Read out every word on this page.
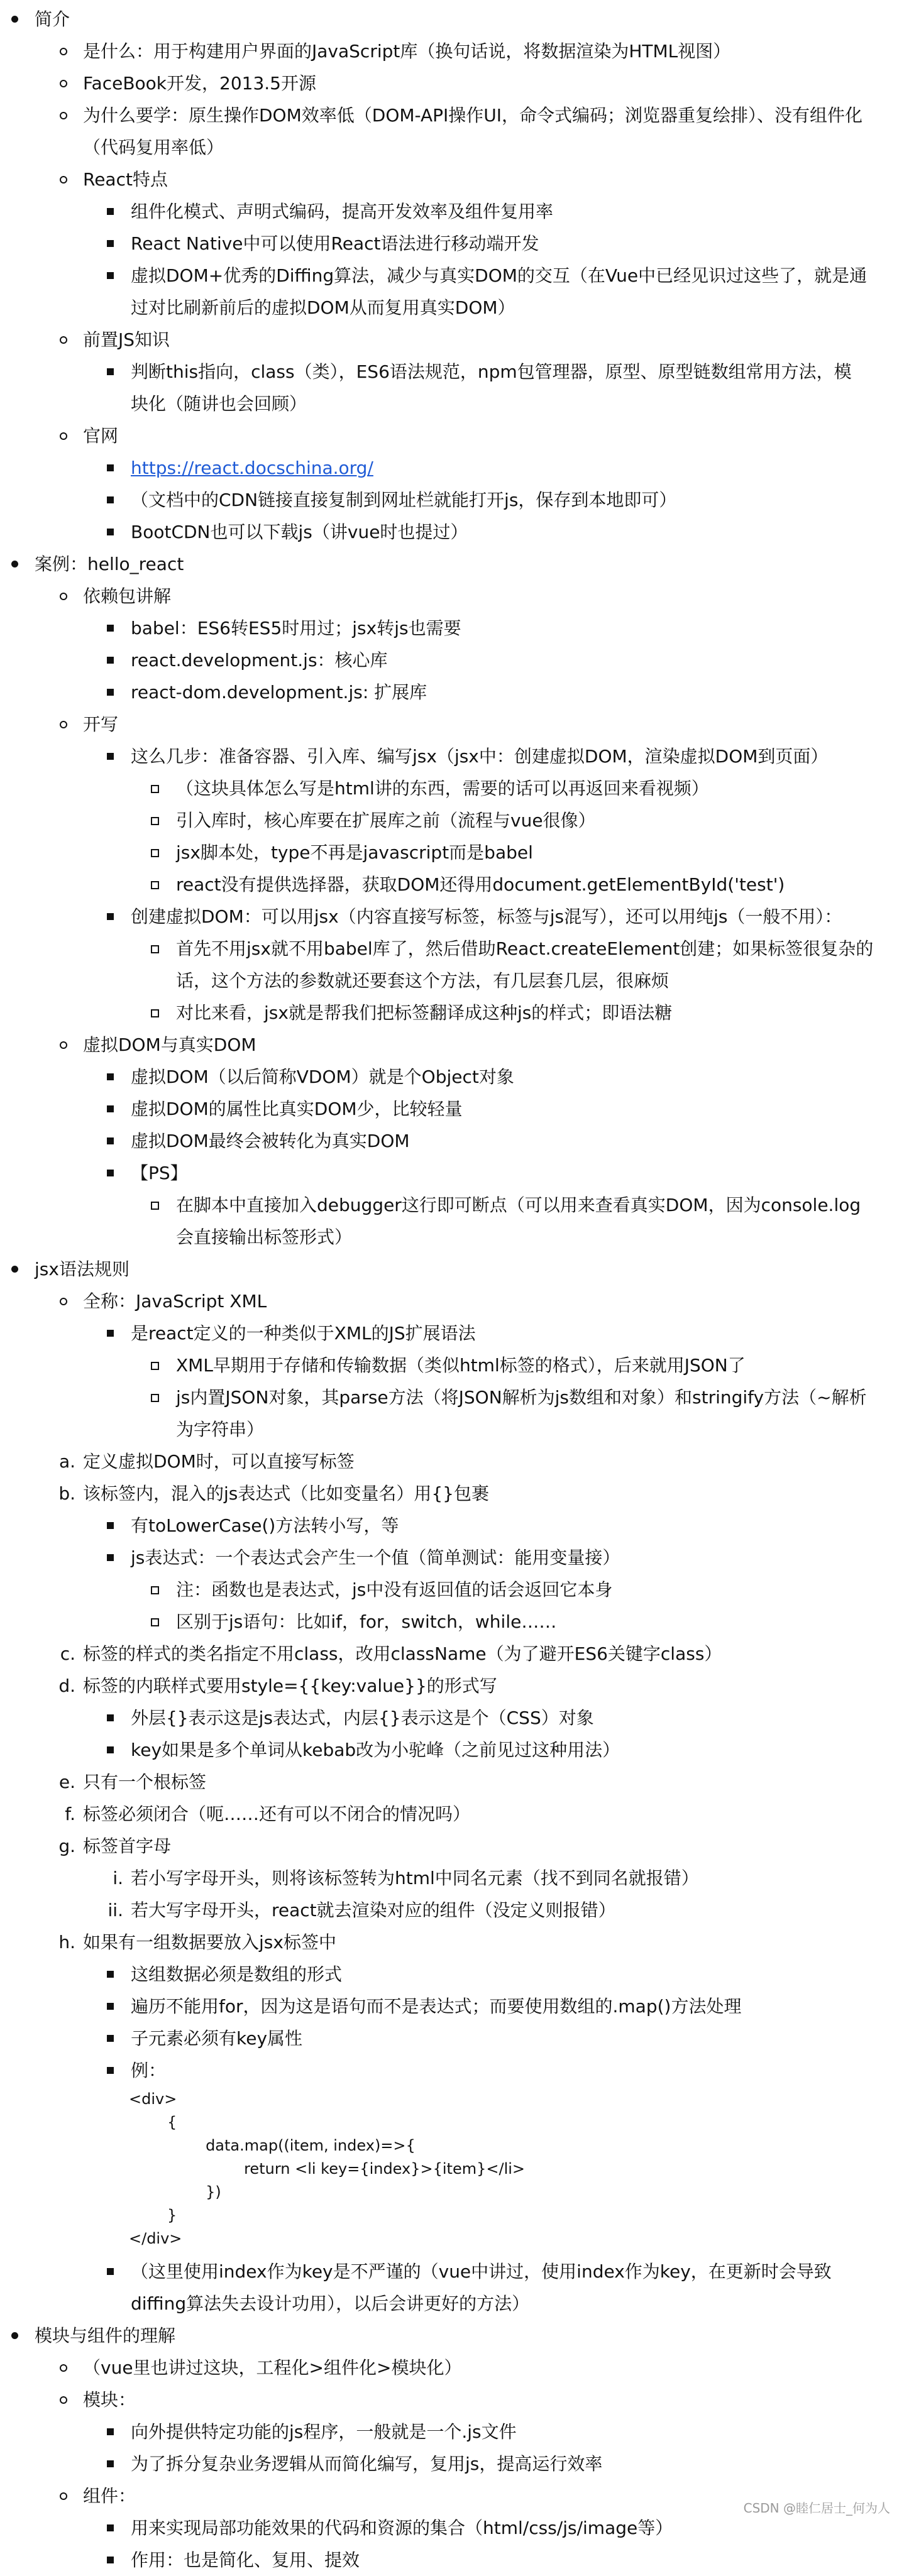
简介
是什么：用于构建用户界面的JavaScript库（换句话说，将数据渲染为HTML视图）
FaceBook开发，2013.5开源
为什么要学：原生操作DOM效率低（DOM-API操作UI，命令式编码；浏览器重复绘排）、没有组件化
（代码复用率低）
React特点
组件化模式、声明式编码，提高开发效率及组件复用率
React Native中可以使用React语法进行移动端开发
虚拟DOM+优秀的Diffing算法，减少与真实DOM的交互（在Vue中已经见识过这些了，就是通
过对比刷新前后的虚拟DOM从而复用真实DOM）
前置JS知识
判断this指向，class（类），ES6语法规范，npm包管理器，原型、原型链数组常用方法，模
块化（随讲也会回顾）
官网
https://react.docschina.org/
（文档中的CDN链接直接复制到网址栏就能打开js，保存到本地即可）
BootCDN也可以下载js（讲vue时也提过）
案例：hello_react
依赖包讲解
babel：ES6转ES5时用过；jsx转js也需要
react.development.js：核心库
react-dom.development.js: 扩展库
开写
这么几步：准备容器、引入库、编写jsx（jsx中：创建虚拟DOM，渲染虚拟DOM到页面）
（这块具体怎么写是html讲的东西，需要的话可以再返回来看视频）
引入库时，核心库要在扩展库之前（流程与vue很像）
jsx脚本处，type不再是javascript而是babel
react没有提供选择器，获取DOM还得用document.getElementById('test')
创建虚拟DOM：可以用jsx（内容直接写标签，标签与js混写），还可以用纯js（一般不用）：
首先不用jsx就不用babel库了，然后借助React.createElement创建；如果标签很复杂的
话，这个方法的参数就还要套这个方法，有几层套几层，很麻烦
对比来看，jsx就是帮我们把标签翻译成这种js的样式；即语法糖
虚拟DOM与真实DOM
虚拟DOM（以后简称VDOM）就是个Object对象
虚拟DOM的属性比真实DOM少，比较轻量
虚拟DOM最终会被转化为真实DOM
【PS】
在脚本中直接加入debugger这行即可断点（可以用来查看真实DOM，因为console.log
会直接输出标签形式）
jsx语法规则
全称：JavaScript XML
是react定义的一种类似于XML的JS扩展语法
XML早期用于存储和传输数据（类似html标签的格式），后来就用JSON了
js内置JSON对象，其parse方法（将JSON解析为js数组和对象）和stringify方法（~解析
为字符串）
a. 定义虚拟DOM时，可以直接写标签
b. 该标签内，混入的js表达式（比如变量名）用{}包裹
有toLowerCase()方法转小写，等
js表达式：一个表达式会产生一个值（简单测试：能用变量接）
注：函数也是表达式，js中没有返回值的话会返回它本身
区别于js语句：比如if，for，switch，while……
c. 标签的样式的类名指定不用class，改用className（为了避开ES6关键字class）
d. 标签的内联样式要用style={{key:value}}的形式写
外层{}表示这是js表达式，内层{}表示这是个（CSS）对象
key如果是多个单词从kebab改为小驼峰（之前见过这种用法）
e. 只有一个根标签
f. 标签必须闭合（呃……还有可以不闭合的情况吗）
g. 标签首字母
i. 若小写字母开头，则将该标签转为html中同名元素（找不到同名就报错）
ii. 若大写字母开头，react就去渲染对应的组件（没定义则报错）
h. 如果有一组数据要放入jsx标签中
这组数据必须是数组的形式
遍历不能用for，因为这是语句而不是表达式；而要使用数组的.map()方法处理
子元素必须有key属性
例：
<div>
{
data.map((item, index)=>{
return <li key={index}>{item}</li>
})
}
</div>
（这里使用index作为key是不严谨的（vue中讲过，使用index作为key，在更新时会导致
diffing算法失去设计功用），以后会讲更好的方法）
模块与组件的理解
（vue里也讲过这块，工程化>组件化>模块化）
模块：
向外提供特定功能的js程序，一般就是一个.js文件
为了拆分复杂业务逻辑从而简化编写，复用js，提高运行效率
组件：
用来实现局部功能效果的代码和资源的集合（html/css/js/image等）
作用：也是简化、复用、提效
CSDN @睦仁居士_何为人
